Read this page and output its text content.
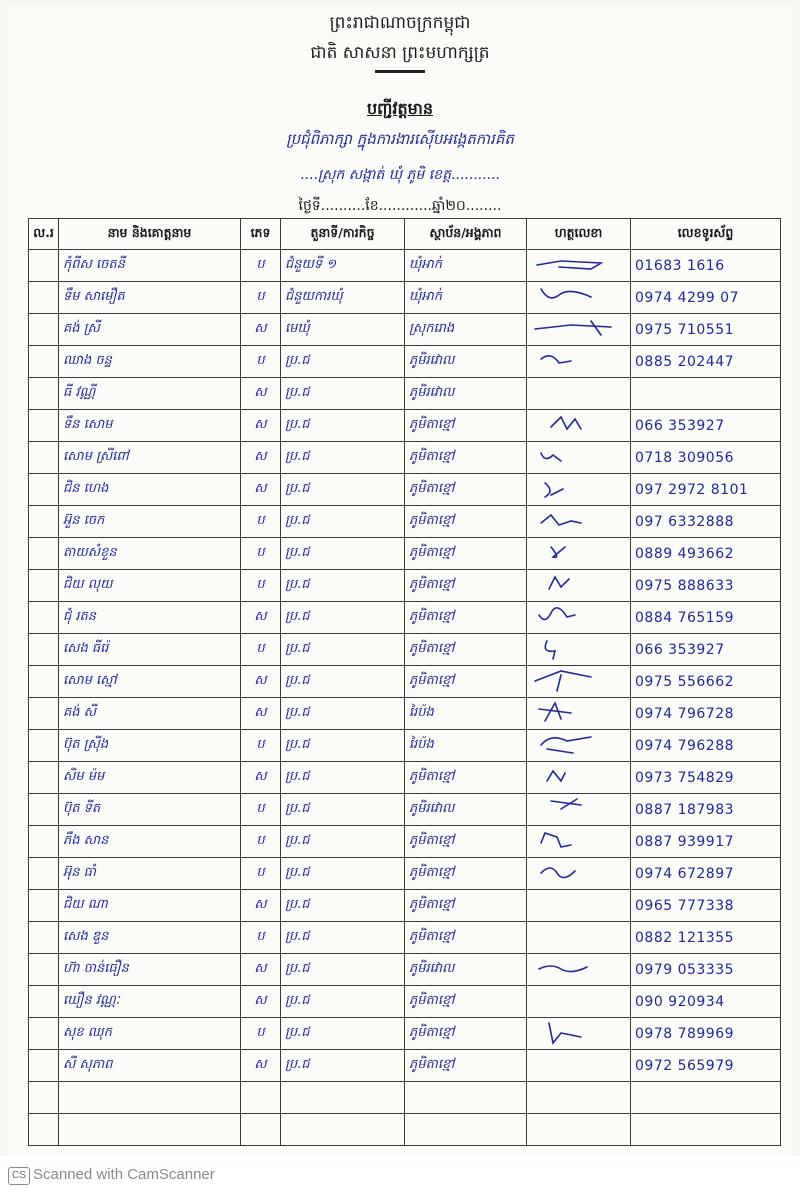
ព្រះរាជាណាចក្រកម្ពុជា
ជាតិ សាសនា ព្រះមហាក្សត្រ
បញ្ជីវត្តមាន
ប្រជុំពិភាក្សា ក្នុងការងារស៊ើបអង្កេតការគិត
....ស្រុក សង្កាត់ ឃុំ ភូមិ ខេត្ត...........
ថ្ងៃទី..........ខែ............ឆ្នាំ២០........
ល.រ	នាម និងគោត្តនាម	ភេទ	តួនាទី/ការកិច្ច	ស្ថាប័ន/អង្គភាព	ហត្ថលេខា	លេខទូរស័ព្ទ
	កុំពីស ចេតនី	ប	ជំនួយទី ១	ឃុំអាក់		01683 1616
	ទឹម សាមឿត	ប	ជំនួយការឃុំ	ឃុំអាក់		0974 4299 07
	គង់ ស្រី	ស	មេឃុំ	ស្រុករោង		0975 710551
	ឈាង ចន្ទ	ប	ប្រ.ជ	ភូមិរវោល		0885 202447
	ធី វណ្ណី	ស	ប្រ.ជ	ភូមិរវោល		
	ទឹន សោម	ស	ប្រ.ជ	ភូមិតាខ្មៅ		066 353927
	សោម ស្រីពៅ	ស	ប្រ.ជ	ភូមិតាខ្មៅ		0718 309056
	ជិន ហេង	ស	ប្រ.ជ	ភូមិតាខ្មៅ		097 2972 8101
	អ៊ួន ចេក	ប	ប្រ.ជ	ភូមិតាខ្មៅ		097 6332888
	តាយសំខួន	ប	ប្រ.ជ	ភូមិតាខ្មៅ		0889 493662
	ជិយ លុយ	ប	ប្រ.ជ	ភូមិតាខ្មៅ		0975 888633
	ជុំ រតន	ស	ប្រ.ជ	ភូមិតាខ្មៅ		0884 765159
	សេង ធីរ៉េ	ប	ប្រ.ជ	ភូមិតាខ្មៅ		066 353927
	សោម ស្មៅ	ស	ប្រ.ជ	ភូមិតាខ្មៅ		0975 556662
	គង់ សី	ស	ប្រ.ជ	រៃប៉ង		0974 796728
	ប៊ុត ស្រ៊ីង	ប	ប្រ.ជ	រៃប៉ង		0974 796288
	សិម ម៉ម	ស	ប្រ.ជ	ភូមិតាខ្មៅ		0973 754829
	ប៊ុត ទីត	ប	ប្រ.ជ	ភូមិរវោល		0887 187983
	ភឹង សាន	ប	ប្រ.ជ	ភូមិតាខ្មៅ		0887 939917
	អ៊ុន ធាំ	ប	ប្រ.ជ	ភូមិតាខ្មៅ		0974 672897
	ជិយ ណា	ស	ប្រ.ជ	ភូមិតាខ្មៅ		0965 777338
	សេង ឌួន	ប	ប្រ.ជ	ភូមិតាខ្មៅ		0882 121355
	ហ៊ា ចាន់ធឿន	ស	ប្រ.ជ	ភូមិរវោល		0979 053335
	ឃឿន វណ្ណៈ	ស	ប្រ.ជ	ភូមិតាខ្មៅ		090 920934
	សុខ ឈុក	ប	ប្រ.ជ	ភូមិតាខ្មៅ		0978 789969
	សី សុភាព	ស	ប្រ.ជ	ភូមិតាខ្មៅ		0972 565979

CS Scanned with CamScanner
